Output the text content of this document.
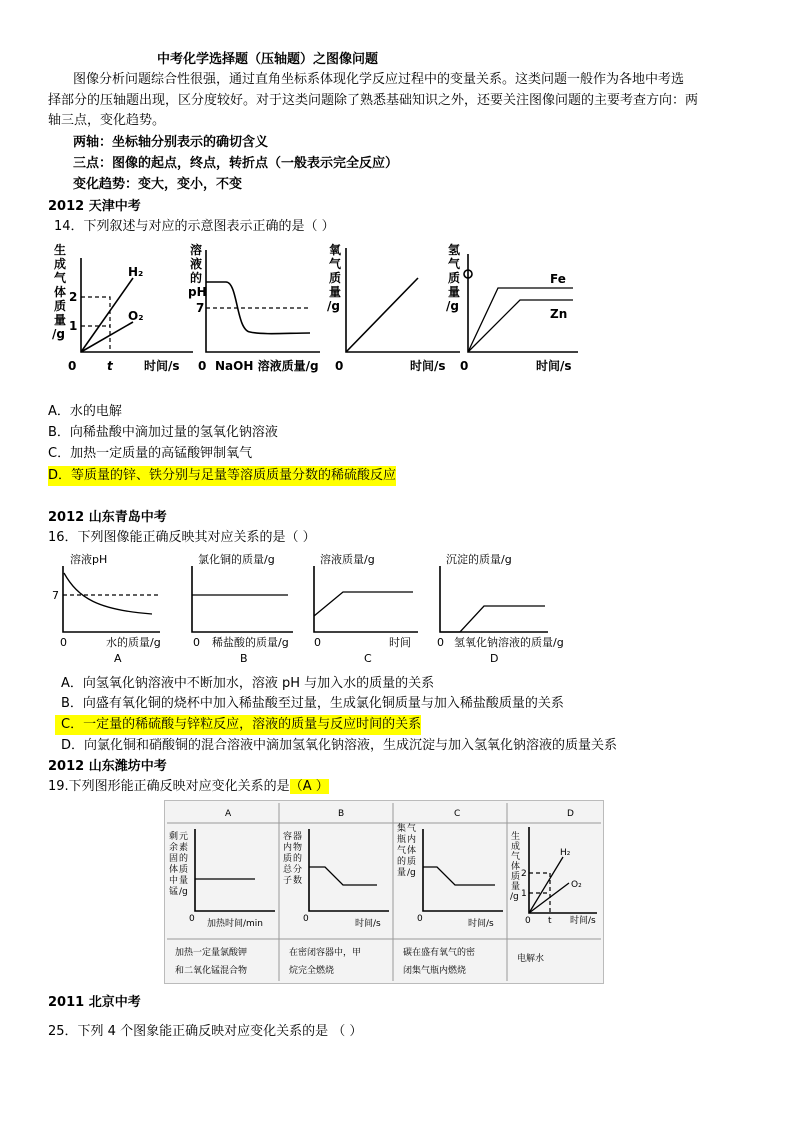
中考化学选择题（压轴题）之图像问题
图像分析问题综合性很强，通过直角坐标系体现化学反应过程中的变量关系。这类问题一般作为各地中考选
择部分的压轴题出现，区分度较好。对于这类问题除了熟悉基础知识之外，还要关注图像问题的主要考查方向：两
轴三点，变化趋势。
两轴：坐标轴分别表示的确切含义
三点：图像的起点，终点，转折点（一般表示完全反应）
变化趋势：变大，变小，不变
2012 天津中考
14．下列叙述与对应的示意图表示正确的是（ ）
生
成
气
体
质
量
/g
2
1
0	t	时间/s
H₂
O₂
溶
液
的
pH
7
0 NaOH 溶液质量/g
氧
气
质
量
/g
0	时间/s
氢
气
质
量
/g
Fe
Zn
0	时间/s
A．水的电解
B．向稀盐酸中滴加过量的氢氧化钠溶液
C．加热一定质量的高锰酸钾制氧气
D．等质量的锌、铁分别与足量等溶质质量分数的稀硫酸反应
2012 山东青岛中考
16．下列图像能正确反映其对应关系的是（ ）
溶液pH
7
0	水的质量/g
A
氯化铜的质量/g
0 稀盐酸的质量/g
B
溶液质量/g
0	时间
C
沉淀的质量/g
0 氢氧化钠溶液的质量/g
D
A．向氢氧化钠溶液中不断加水，溶液 pH 与加入水的质量的关系
B．向盛有氧化铜的烧杯中加入稀盐酸至过量，生成氯化铜质量与加入稀盐酸质量的关系
C．一定量的稀硫酸与锌粒反应，溶液的质量与反应时间的关系
D．向氯化铜和硝酸铜的混合溶液中滴加氢氧化钠溶液，生成沉淀与加入氢氧化钠溶液的质量关系
2012 山东潍坊中考
19.下列图形能正确反映对应变化关系的是（A ）
A	B	C	D
剩 元
余 素
固 的
体 质
中 量
锰 /g
0 加热时间/min
容 器
内 物
质 的
总 分
子 数
0	时间/s
集 气
瓶 内
气 体
的 质
量 /g
0	时间/s
生
成
气
体
质
量
/g
2
1
0 t 时间/s
H₂
O₂
加热一定量氯酸钾
和二氧化锰混合物
在密闭容器中，甲
烷完全燃烧
碳在盛有氧气的密
闭集气瓶内燃烧
电解水
2011 北京中考
25．下列 4 个图象能正确反映对应变化关系的是 （ ）
